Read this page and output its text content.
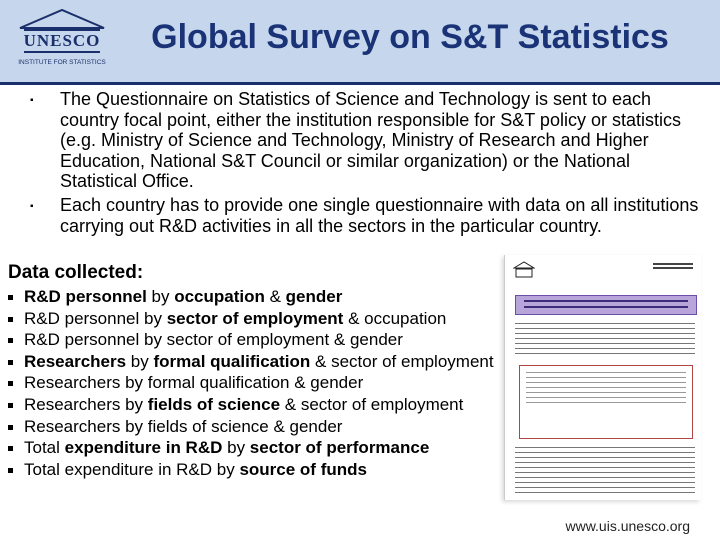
UNESCO
INSTITUTE FOR STATISTICS
Global Survey on S&T Statistics
▪ The Questionnaire on Statistics of Science and Technology is sent to each country focal point, either the institution responsible for S&T policy or statistics (e.g. Ministry of Science and Technology, Ministry of Research and Higher Education, National S&T Council or similar organization) or the National Statistical Office.
▪ Each country has to provide one single questionnaire with data on all institutions carrying out R&D activities in all the sectors in the particular country.
Data collected:
R&D personnel by occupation & gender
R&D personnel by sector of employment & occupation
R&D personnel by sector of employment & gender
Researchers by formal qualification & sector of employment
Researchers by formal qualification & gender
Researchers by fields of science & sector of employment
Researchers by fields of science & gender
Total expenditure in R&D by sector of performance
Total expenditure in R&D by source of funds
www.uis.unesco.org
